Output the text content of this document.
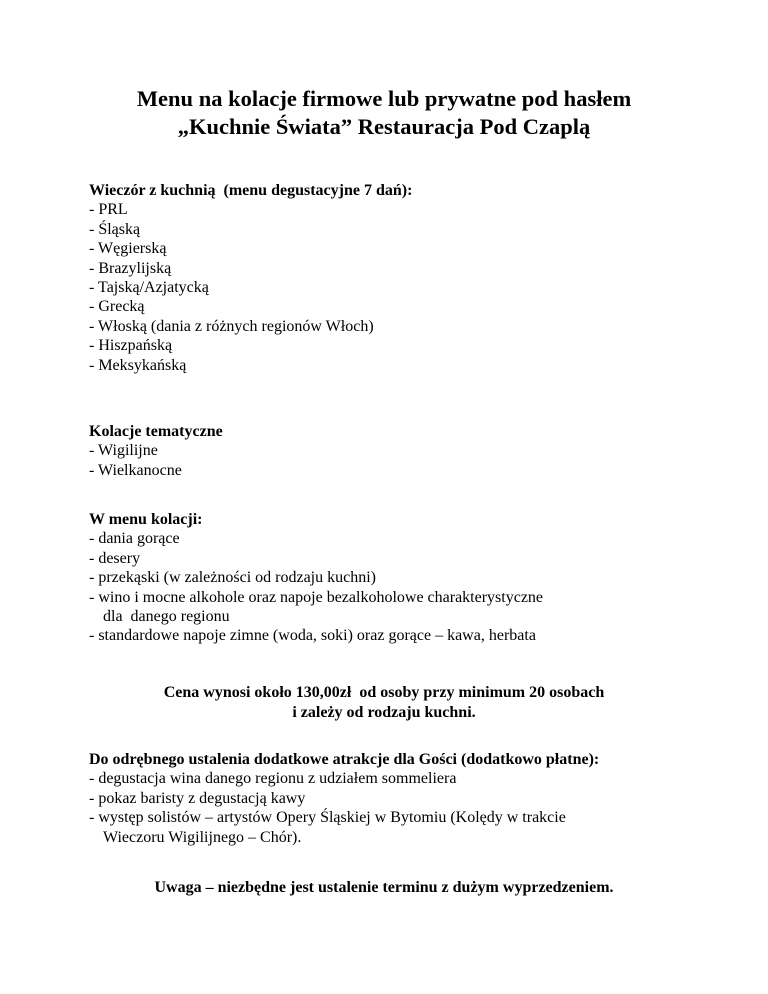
Menu na kolacje firmowe lub prywatne pod hasłem
„Kuchnie Świata” Restauracja Pod Czaplą
Wieczór z kuchnią  (menu degustacyjne 7 dań):
- PRL
- Śląską
- Węgierską
- Brazylijską
- Tajską/Azjatycką
- Grecką
- Włoską (dania z różnych regionów Włoch)
- Hiszpańską
- Meksykańską
Kolacje tematyczne
- Wigilijne
- Wielkanocne
W menu kolacji:
- dania gorące
- desery
- przekąski (w zależności od rodzaju kuchni)
- wino i mocne alkohole oraz napoje bezalkoholowe charakterystyczne
dla  danego regionu
- standardowe napoje zimne (woda, soki) oraz gorące – kawa, herbata
Cena wynosi około 130,00zł  od osoby przy minimum 20 osobach
i zależy od rodzaju kuchni.
Do odrębnego ustalenia dodatkowe atrakcje dla Gości (dodatkowo płatne):
- degustacja wina danego regionu z udziałem sommeliera
- pokaz baristy z degustacją kawy
- występ solistów – artystów Opery Śląskiej w Bytomiu (Kolędy w trakcie
Wieczoru Wigilijnego – Chór).
Uwaga – niezbędne jest ustalenie terminu z dużym wyprzedzeniem.
